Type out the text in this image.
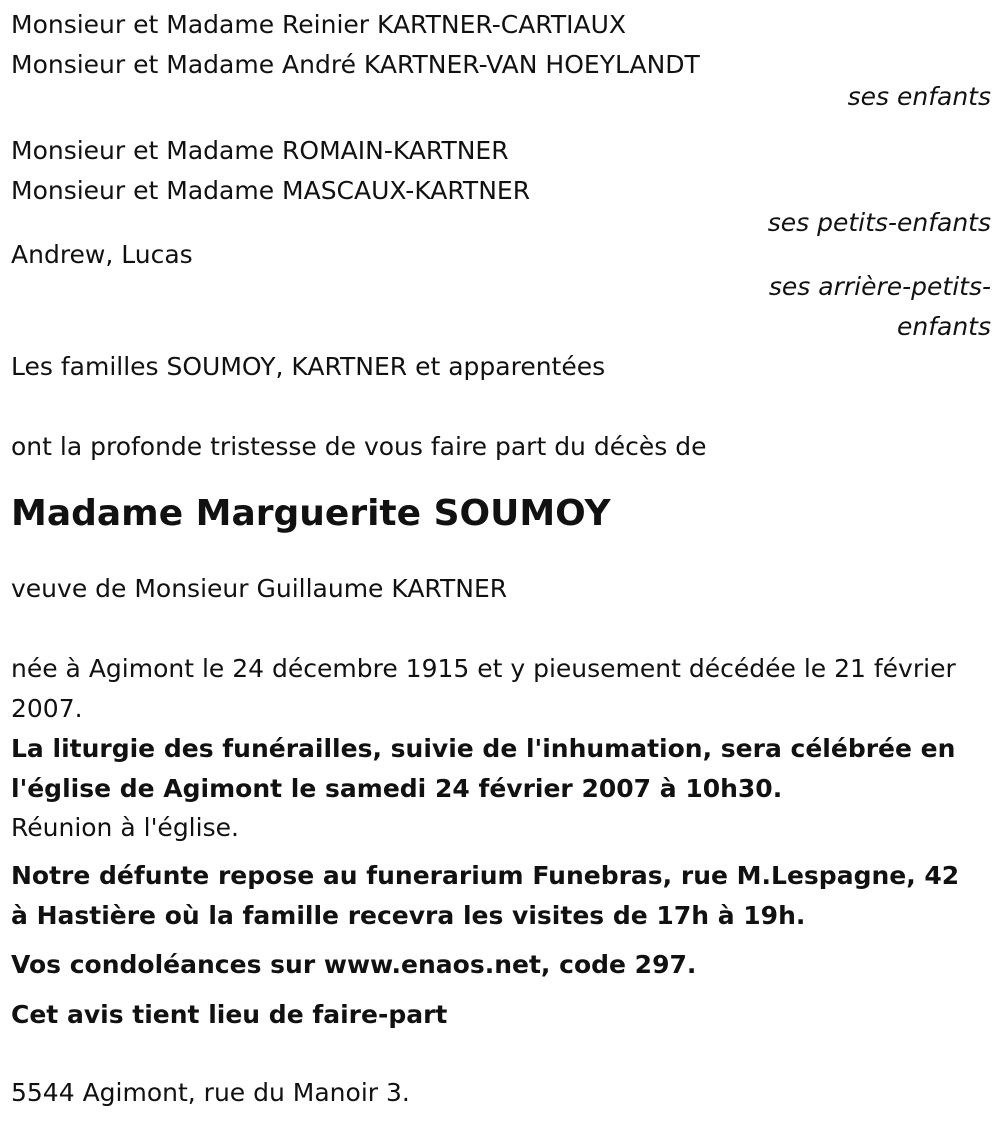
Monsieur et Madame Reinier KARTNER-CARTIAUX
Monsieur et Madame André KARTNER-VAN HOEYLANDT
ses enfants
Monsieur et Madame ROMAIN-KARTNER
Monsieur et Madame MASCAUX-KARTNER
ses petits-enfants
Andrew, Lucas
ses arrière-petits-
enfants
Les familles SOUMOY, KARTNER et apparentées
ont la profonde tristesse de vous faire part du décès de
Madame Marguerite SOUMOY
veuve de Monsieur Guillaume KARTNER
née à Agimont le 24 décembre 1915 et y pieusement décédée le 21 février 2007.
La liturgie des funérailles, suivie de l'inhumation, sera célébrée en l'église de Agimont le samedi 24 février 2007 à 10h30.
Réunion à l'église.
Notre défunte repose au funerarium Funebras, rue M.Lespagne, 42 à Hastière où la famille recevra les visites de 17h à 19h.
Vos condoléances sur www.enaos.net, code 297.
Cet avis tient lieu de faire-part
5544 Agimont, rue du Manoir 3.
